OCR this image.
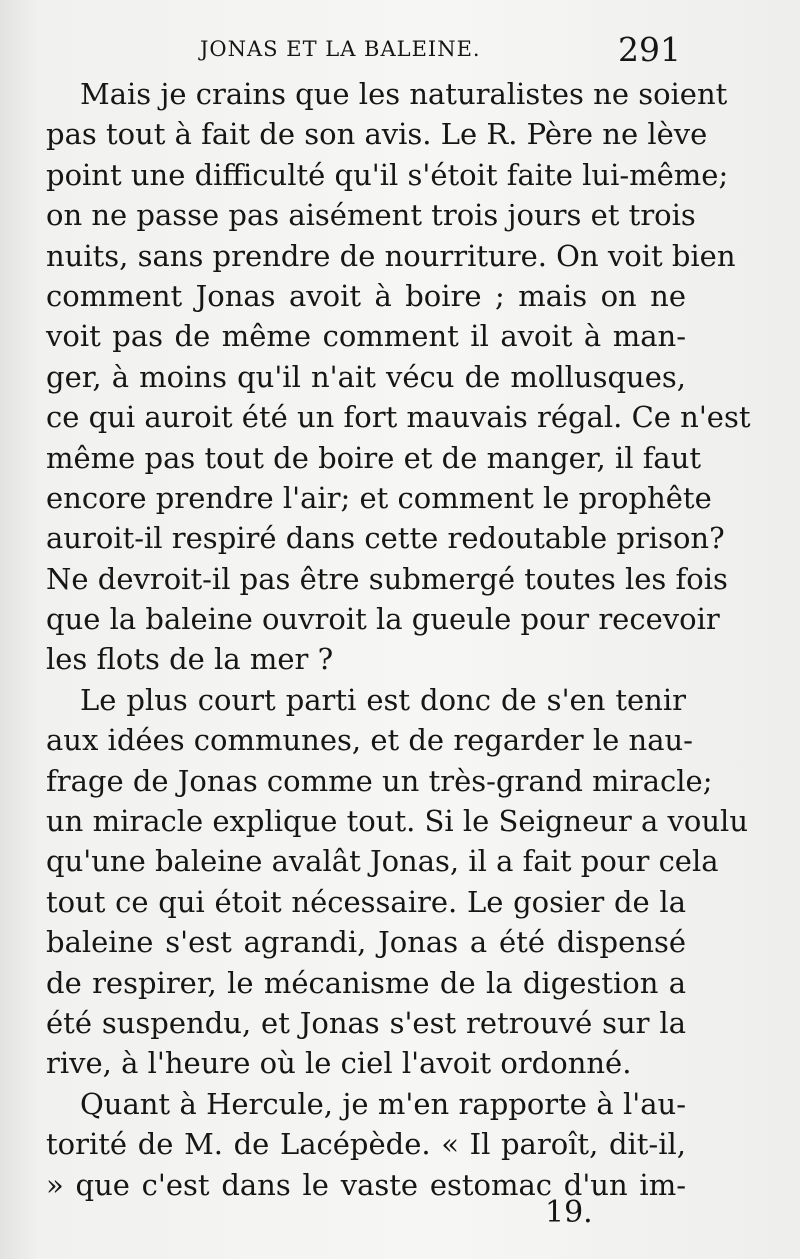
JONAS ET LA BALEINE.	291
Mais je crains que les naturalistes ne soient
pas tout à fait de son avis. Le R. Père ne lève
point une difficulté qu'il s'étoit faite lui-même;
on ne passe pas aisément trois jours et trois
nuits, sans prendre de nourriture. On voit bien
comment Jonas avoit à boire ; mais on ne
voit pas de même comment il avoit à man-
ger, à moins qu'il n'ait vécu de mollusques,
ce qui auroit été un fort mauvais régal. Ce n'est
même pas tout de boire et de manger, il faut
encore prendre l'air; et comment le prophête
auroit-il respiré dans cette redoutable prison?
Ne devroit-il pas être submergé toutes les fois
que la baleine ouvroit la gueule pour recevoir
les flots de la mer ?
Le plus court parti est donc de s'en tenir
aux idées communes, et de regarder le nau-
frage de Jonas comme un très-grand miracle;
un miracle explique tout. Si le Seigneur a voulu
qu'une baleine avalât Jonas, il a fait pour cela
tout ce qui étoit nécessaire. Le gosier de la
baleine s'est agrandi, Jonas a été dispensé
de respirer, le mécanisme de la digestion a
été suspendu, et Jonas s'est retrouvé sur la
rive, à l'heure où le ciel l'avoit ordonné.
Quant à Hercule, je m'en rapporte à l'au-
torité de M. de Lacépède. « Il paroît, dit-il,
» que c'est dans le vaste estomac d'un im-
19.
